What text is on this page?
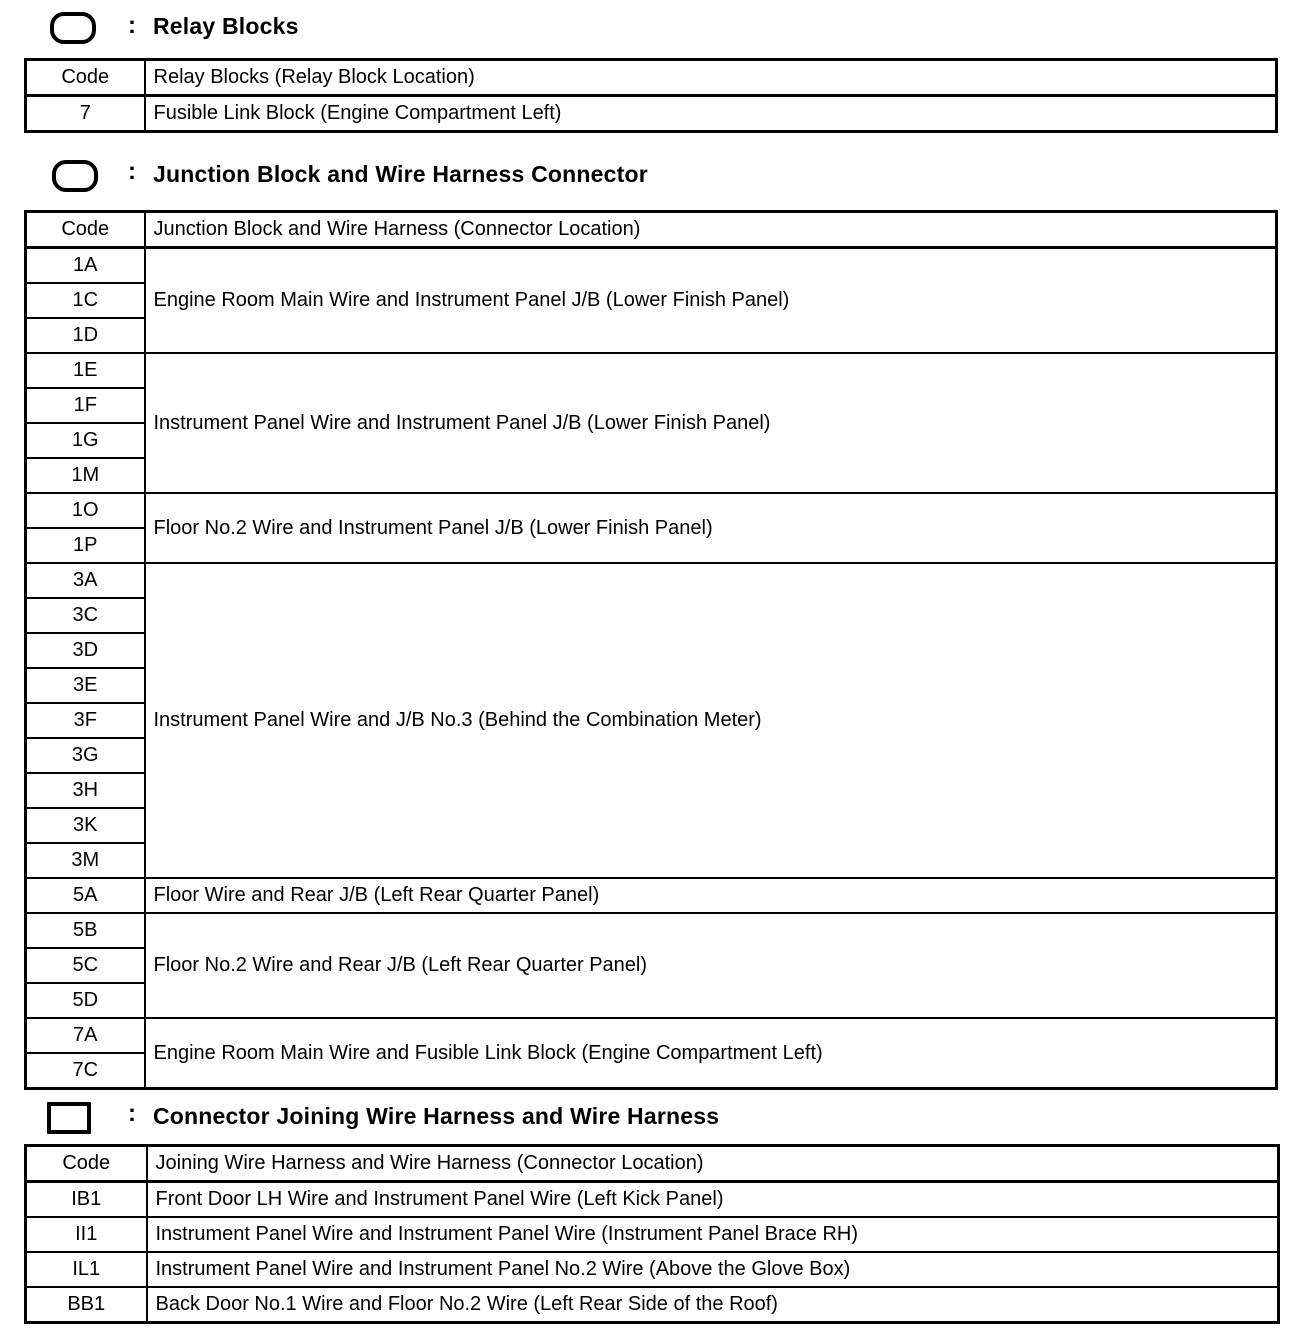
: Relay Blocks
Code	Relay Blocks (Relay Block Location)
7	Fusible Link Block (Engine Compartment Left)
: Junction Block and Wire Harness Connector
Code	Junction Block and Wire Harness (Connector Location)
1A	Engine Room Main Wire and Instrument Panel J/B (Lower Finish Panel)
1C	
1D	
1E	Instrument Panel Wire and Instrument Panel J/B (Lower Finish Panel)
1F	
1G	
1M	
1O	Floor No.2 Wire and Instrument Panel J/B (Lower Finish Panel)
1P	
3A	Instrument Panel Wire and J/B No.3 (Behind the Combination Meter)
3C	
3D	
3E	
3F	
3G	
3H	
3K	
3M	
5A	Floor Wire and Rear J/B (Left Rear Quarter Panel)
5B	Floor No.2 Wire and Rear J/B (Left Rear Quarter Panel)
5C	
5D	
7A	Engine Room Main Wire and Fusible Link Block (Engine Compartment Left)
7C	
: Connector Joining Wire Harness and Wire Harness
Code	Joining Wire Harness and Wire Harness (Connector Location)
IB1	Front Door LH Wire and Instrument Panel Wire (Left Kick Panel)
II1	Instrument Panel Wire and Instrument Panel Wire (Instrument Panel Brace RH)
IL1	Instrument Panel Wire and Instrument Panel No.2 Wire (Above the Glove Box)
BB1	Back Door No.1 Wire and Floor No.2 Wire (Left Rear Side of the Roof)
